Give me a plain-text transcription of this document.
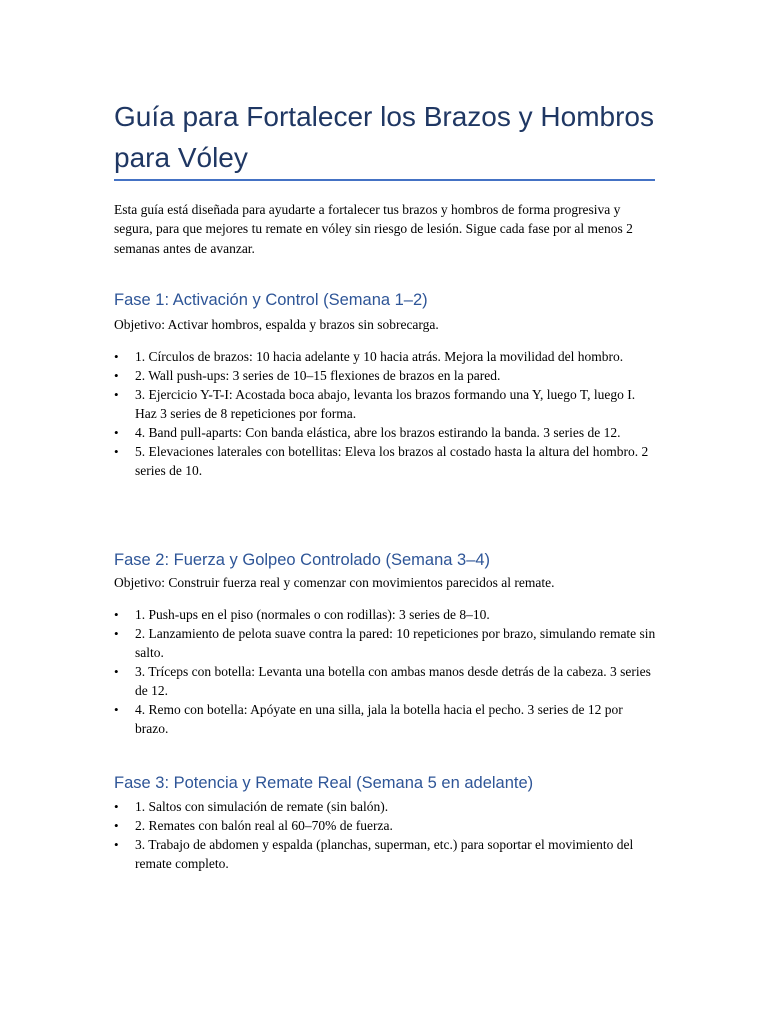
Guía para Fortalecer los Brazos y Hombros para Vóley

Esta guía está diseñada para ayudarte a fortalecer tus brazos y hombros de forma progresiva y segura, para que mejores tu remate en vóley sin riesgo de lesión. Sigue cada fase por al menos 2 semanas antes de avanzar.

Fase 1: Activación y Control (Semana 1–2)

Objetivo: Activar hombros, espalda y brazos sin sobrecarga.

• 1. Círculos de brazos: 10 hacia adelante y 10 hacia atrás. Mejora la movilidad del hombro.
• 2. Wall push-ups: 3 series de 10–15 flexiones de brazos en la pared.
• 3. Ejercicio Y-T-I: Acostada boca abajo, levanta los brazos formando una Y, luego T, luego I. Haz 3 series de 8 repeticiones por forma.
• 4. Band pull-aparts: Con banda elástica, abre los brazos estirando la banda. 3 series de 12.
• 5. Elevaciones laterales con botellitas: Eleva los brazos al costado hasta la altura del hombro. 2 series de 10.
Fase 2: Fuerza y Golpeo Controlado (Semana 3–4)

Objetivo: Construir fuerza real y comenzar con movimientos parecidos al remate.

• 1. Push-ups en el piso (normales o con rodillas): 3 series de 8–10.
• 2. Lanzamiento de pelota suave contra la pared: 10 repeticiones por brazo, simulando remate sin salto.
• 3. Tríceps con botella: Levanta una botella con ambas manos desde detrás de la cabeza. 3 series de 12.
• 4. Remo con botella: Apóyate en una silla, jala la botella hacia el pecho. 3 series de 12 por brazo.
Fase 3: Potencia y Remate Real (Semana 5 en adelante)
• 1. Saltos con simulación de remate (sin balón).
• 2. Remates con balón real al 60–70% de fuerza.
• 3. Trabajo de abdomen y espalda (planchas, superman, etc.) para soportar el movimiento del remate completo.
